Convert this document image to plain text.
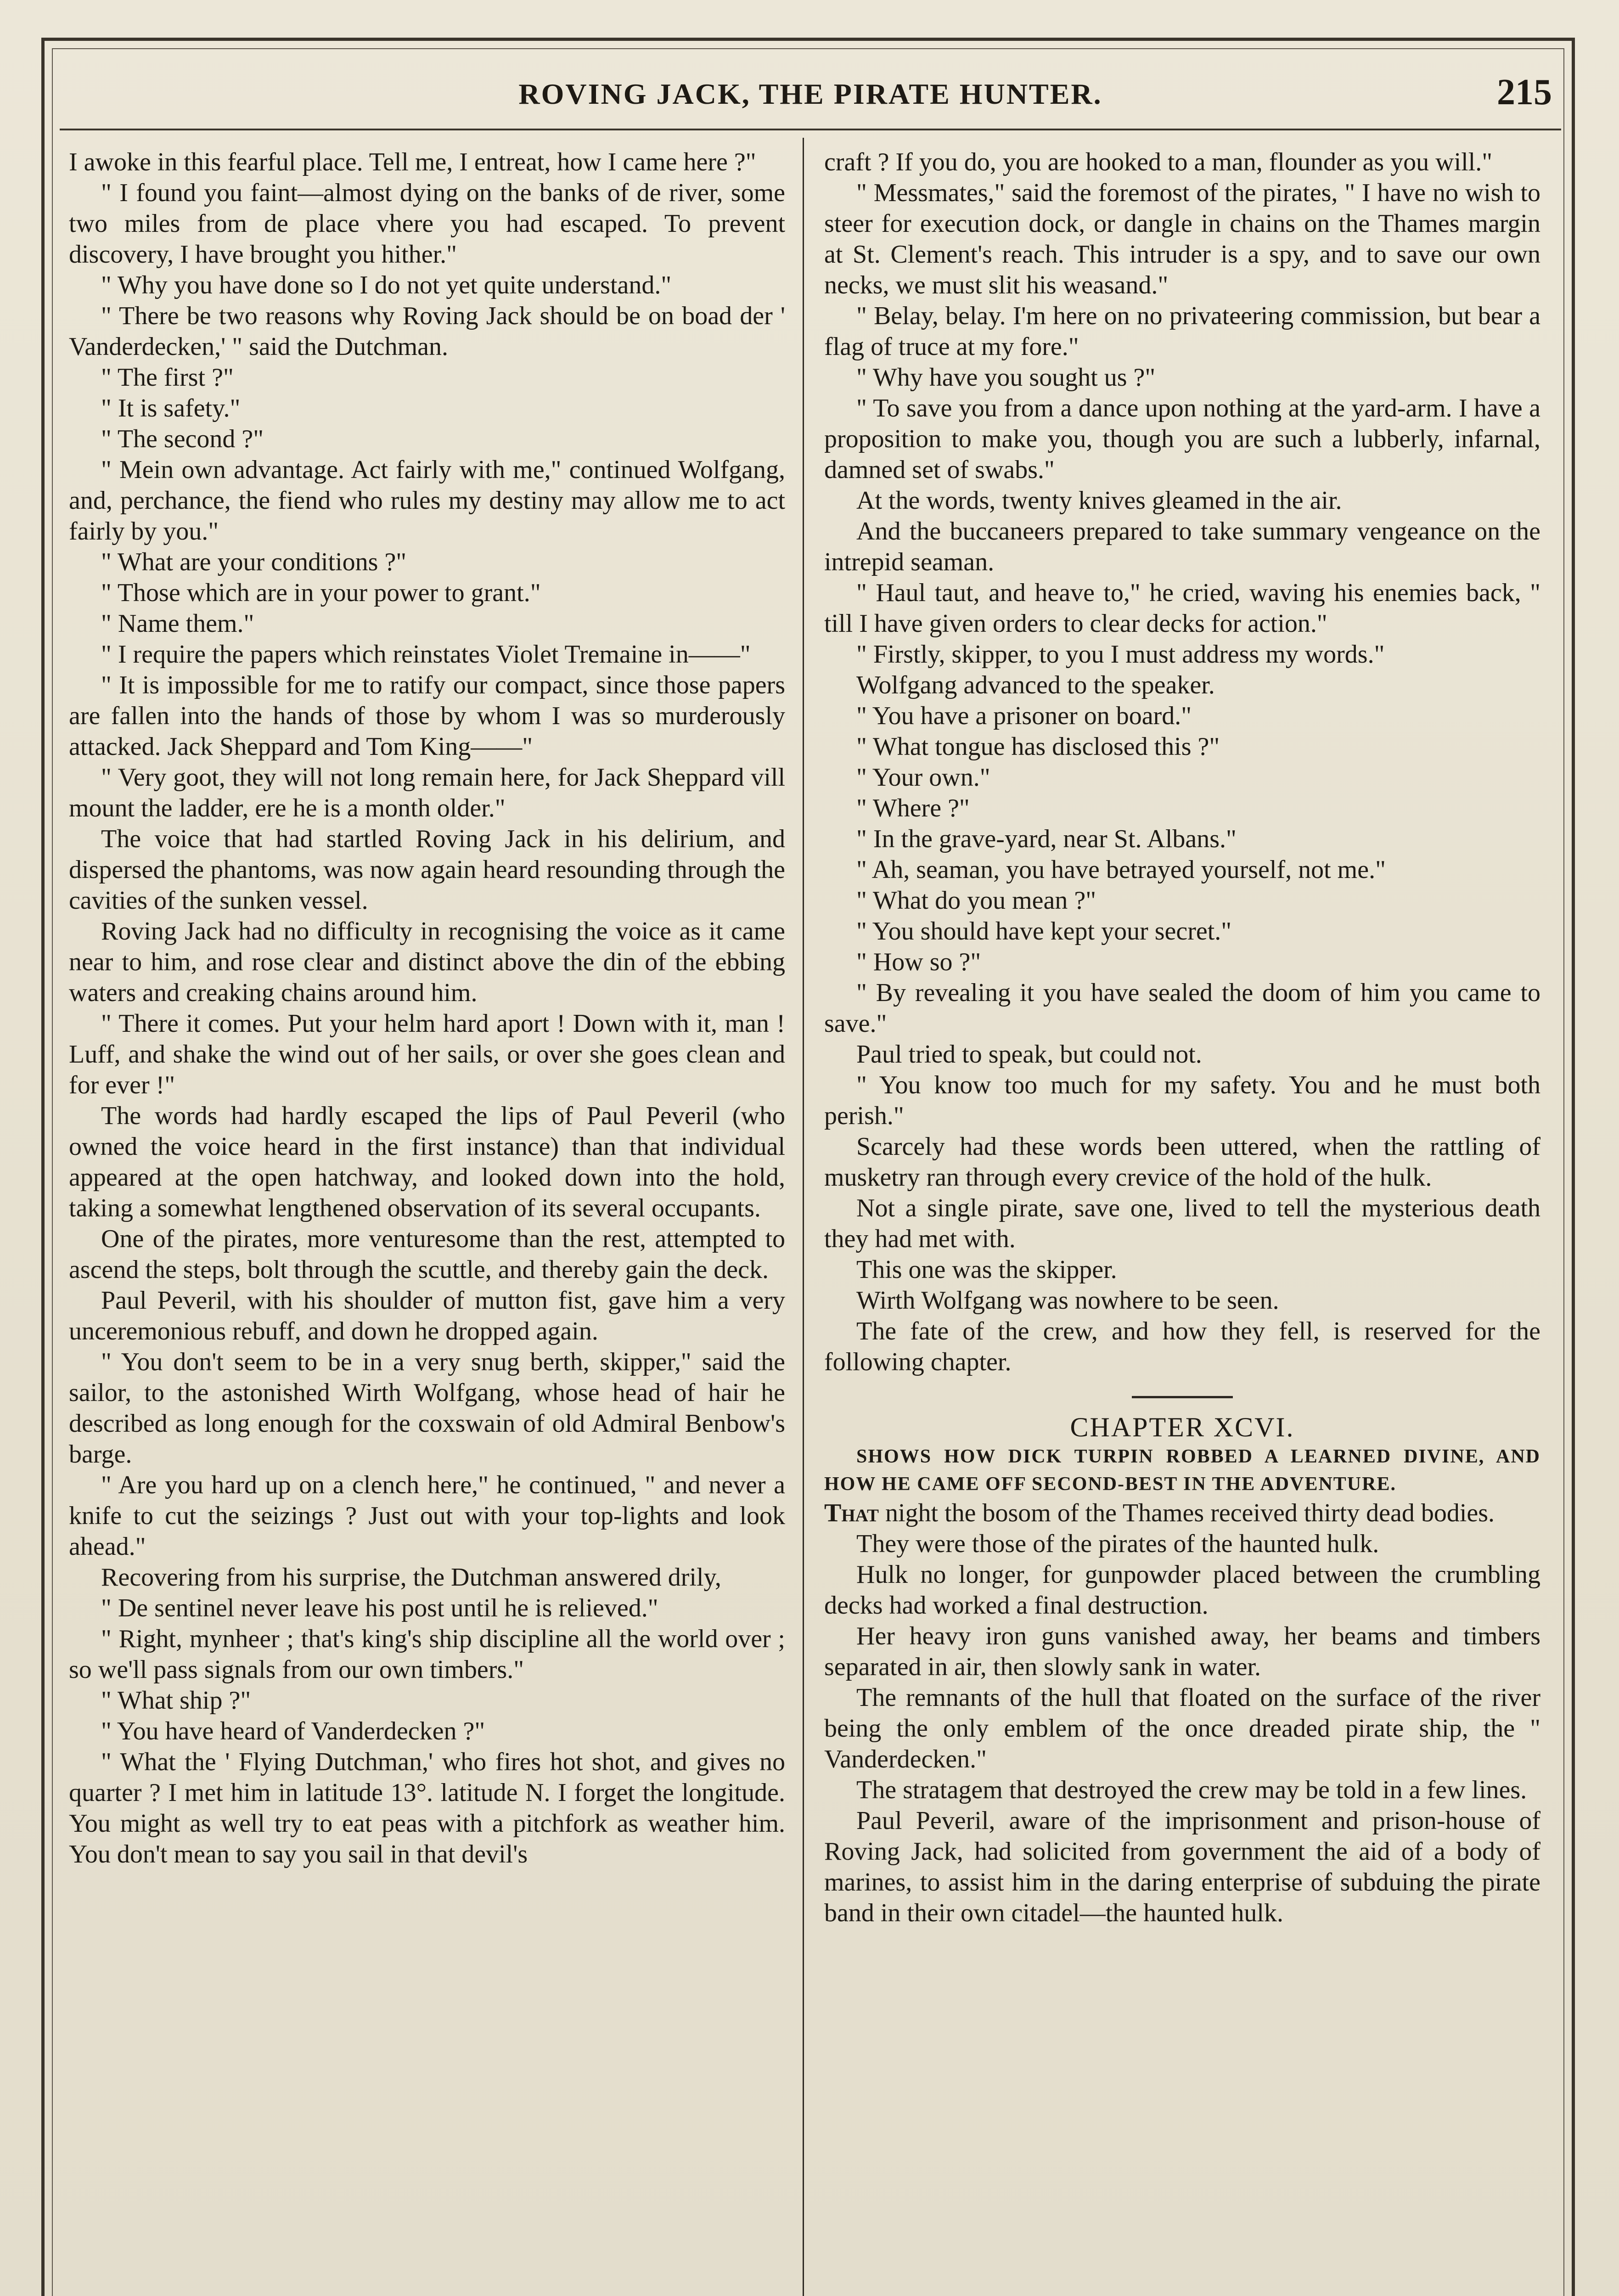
ROVING JACK, THE PIRATE HUNTER.	215

I awoke in this fearful place. Tell me, I entreat, how I came here ?"

" I found you faint—almost dying on the banks of de river, some two miles from de place vhere you had escaped. To prevent discovery, I have brought you hither."

" Why you have done so I do not yet quite understand."

" There be two reasons why Roving Jack should be on boad der ' Vanderdecken,' " said the Dutchman.

" The first ?"

" It is safety."

" The second ?"

" Mein own advantage. Act fairly with me," continued Wolfgang, and, perchance, the fiend who rules my destiny may allow me to act fairly by you."

" What are your conditions ?"

" Those which are in your power to grant."

" Name them."

" I require the papers which reinstates Violet Tremaine in——"

" It is impossible for me to ratify our compact, since those papers are fallen into the hands of those by whom I was so murderously attacked. Jack Sheppard and Tom King——"

" Very goot, they will not long remain here, for Jack Sheppard vill mount the ladder, ere he is a month older."

The voice that had startled Roving Jack in his delirium, and dispersed the phantoms, was now again heard resounding through the cavities of the sunken vessel.

Roving Jack had no difficulty in recognising the voice as it came near to him, and rose clear and distinct above the din of the ebbing waters and creaking chains around him.

" There it comes. Put your helm hard aport ! Down with it, man ! Luff, and shake the wind out of her sails, or over she goes clean and for ever !"

The words had hardly escaped the lips of Paul Peveril (who owned the voice heard in the first instance) than that individual appeared at the open hatchway, and looked down into the hold, taking a somewhat lengthened observation of its several occupants.

One of the pirates, more venturesome than the rest, attempted to ascend the steps, bolt through the scuttle, and thereby gain the deck.

Paul Peveril, with his shoulder of mutton fist, gave him a very unceremonious rebuff, and down he dropped again.

" You don't seem to be in a very snug berth, skipper," said the sailor, to the astonished Wirth Wolfgang, whose head of hair he described as long enough for the coxswain of old Admiral Benbow's barge.

" Are you hard up on a clench here," he continued, " and never a knife to cut the seizings ? Just out with your top-lights and look ahead."

Recovering from his surprise, the Dutchman answered drily,

" De sentinel never leave his post until he is relieved."

" Right, mynheer ; that's king's ship discipline all the world over ; so we'll pass signals from our own timbers."

" What ship ?"

" You have heard of Vanderdecken ?"

" What the ' Flying Dutchman,' who fires hot shot, and gives no quarter ? I met him in latitude 13°. latitude N. I forget the longitude. You might as well try to eat peas with a pitchfork as weather him. You don't mean to say you sail in that devil's

craft ? If you do, you are hooked to a man, flounder as you will."

" Messmates," said the foremost of the pirates, " I have no wish to steer for execution dock, or dangle in chains on the Thames margin at St. Clement's reach. This intruder is a spy, and to save our own necks, we must slit his weasand."

" Belay, belay. I'm here on no privateering commission, but bear a flag of truce at my fore."

" Why have you sought us ?"

" To save you from a dance upon nothing at the yard-arm. I have a proposition to make you, though you are such a lubberly, infarnal, damned set of swabs."

At the words, twenty knives gleamed in the air.

And the buccaneers prepared to take summary vengeance on the intrepid seaman.

" Haul taut, and heave to," he cried, waving his enemies back, " till I have given orders to clear decks for action."

" Firstly, skipper, to you I must address my words."

Wolfgang advanced to the speaker.

" You have a prisoner on board."

" What tongue has disclosed this ?"

" Your own."

" Where ?"

" In the grave-yard, near St. Albans."

" Ah, seaman, you have betrayed yourself, not me."

" What do you mean ?"

" You should have kept your secret."

" How so ?"

" By revealing it you have sealed the doom of him you came to save."

Paul tried to speak, but could not.

" You know too much for my safety. You and he must both perish."

Scarcely had these words been uttered, when the rattling of musketry ran through every crevice of the hold of the hulk.

Not a single pirate, save one, lived to tell the mysterious death they had met with.

This one was the skipper.

Wirth Wolfgang was nowhere to be seen.

The fate of the crew, and how they fell, is reserved for the following chapter.

CHAPTER XCVI.

SHOWS HOW DICK TURPIN ROBBED A LEARNED DIVINE, AND HOW HE CAME OFF SECOND-BEST IN THE ADVENTURE.

That night the bosom of the Thames received thirty dead bodies.

They were those of the pirates of the haunted hulk.

Hulk no longer, for gunpowder placed between the crumbling decks had worked a final destruction.

Her heavy iron guns vanished away, her beams and timbers separated in air, then slowly sank in water.

The remnants of the hull that floated on the surface of the river being the only emblem of the once dreaded pirate ship, the " Vanderdecken."

The stratagem that destroyed the crew may be told in a few lines.

Paul Peveril, aware of the imprisonment and prison-house of Roving Jack, had solicited from government the aid of a body of marines, to assist him in the daring enterprise of subduing the pirate band in their own citadel—the haunted hulk.
